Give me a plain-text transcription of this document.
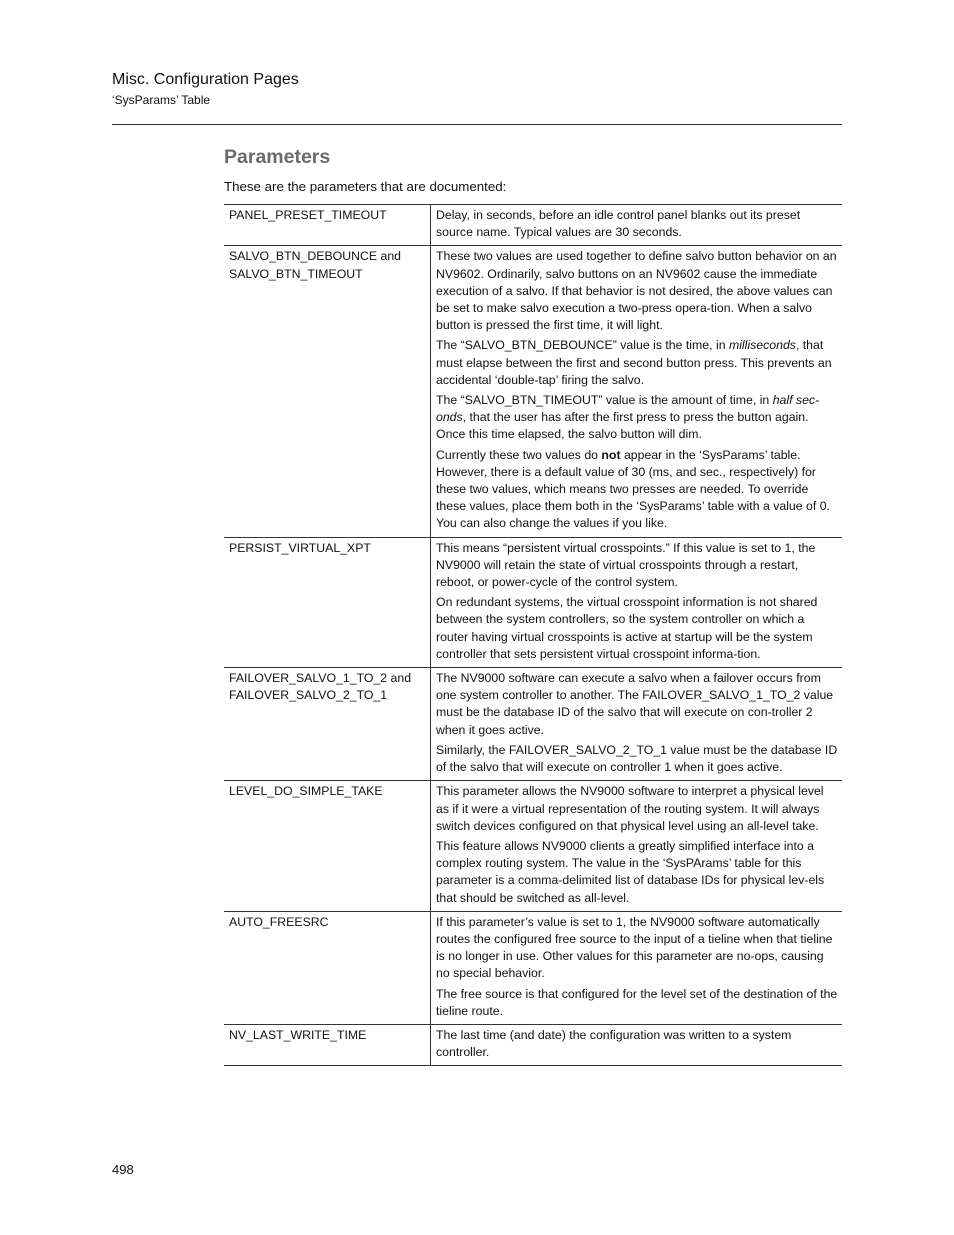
Misc. Configuration Pages
‘SysParams’ Table
Parameters

These are the parameters that are documented:

PANEL_PRESET_TIMEOUT	Delay, in seconds, before an idle control panel blanks out its preset source name. Typical values are 30 seconds.

SALVO_BTN_DEBOUNCE and SALVO_BTN_TIMEOUT	These two values are used together to define salvo button behavior on an NV9602. Ordinarily, salvo buttons on an NV9602 cause the immediate execution of a salvo. If that behavior is not desired, the above values can be set to make salvo execution a two-press opera-tion. When a salvo button is pressed the first time, it will light.

The “SALVO_BTN_DEBOUNCE” value is the time, in milliseconds, that must elapse between the first and second button press. This prevents an accidental ‘double-tap’ firing the salvo.

The “SALVO_BTN_TIMEOUT” value is the amount of time, in half sec-onds, that the user has after the first press to press the button again. Once this time elapsed, the salvo button will dim.

Currently these two values do not appear in the ‘SysParams’ table. However, there is a default value of 30 (ms, and sec., respectively) for these two values, which means two presses are needed. To override these values, place them both in the ‘SysParams’ table with a value of 0. You can also change the values if you like.

PERSIST_VIRTUAL_XPT	This means “persistent virtual crosspoints.” If this value is set to 1, the NV9000 will retain the state of virtual crosspoints through a restart, reboot, or power-cycle of the control system.

On redundant systems, the virtual crosspoint information is not shared between the system controllers, so the system controller on which a router having virtual crosspoints is active at startup will be the system controller that sets persistent virtual crosspoint informa-tion.

FAILOVER_SALVO_1_TO_2 and FAILOVER_SALVO_2_TO_1	The NV9000 software can execute a salvo when a failover occurs from one system controller to another. The FAILOVER_SALVO_1_TO_2 value must be the database ID of the salvo that will execute on con-troller 2 when it goes active.

Similarly, the FAILOVER_SALVO_2_TO_1 value must be the database ID of the salvo that will execute on controller 1 when it goes active.

LEVEL_DO_SIMPLE_TAKE	This parameter allows the NV9000 software to interpret a physical level as if it were a virtual representation of the routing system. It will always switch devices configured on that physical level using an all-level take.

This feature allows NV9000 clients a greatly simplified interface into a complex routing system. The value in the ‘SysPArams’ table for this parameter is a comma-delimited list of database IDs for physical lev-els that should be switched as all-level.

AUTO_FREESRC	If this parameter’s value is set to 1, the NV9000 software automatically routes the configured free source to the input of a tieline when that tieline is no longer in use. Other values for this parameter are no-ops, causing no special behavior.

The free source is that configured for the level set of the destination of the tieline route.

NV_LAST_WRITE_TIME	The last time (and date) the configuration was written to a system controller.

498
